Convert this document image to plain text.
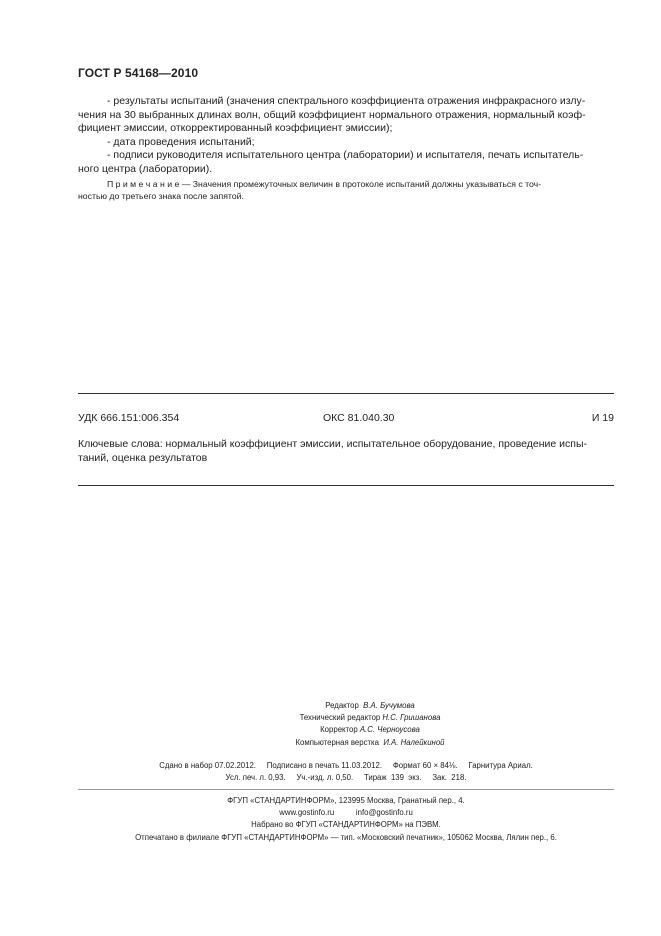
ГОСТ Р 54168—2010

- результаты испытаний (значения спектрального коэффициента отражения инфракрасного излу-

чения на 30 выбранных длинах волн, общий коэффициент нормального отражения, нормальный коэф-

фициент эмиссии, откорректированный коэффициент эмиссии);

- дата проведения испытаний;

- подписи руководителя испытательного центра (лаборатории) и испытателя, печать испытатель-

ного центра (лаборатории).

П р и м е ч а н и е — Значения промежуточных величин в протоколе испытаний должны указываться с точ-

ностью до третьего знака после запятой.

УДК 666.151:006.354	ОКС 81.040.30	И 19

Ключевые слова: нормальный коэффициент эмиссии, испытательное оборудование, проведение испы-

таний, оценка результатов

Редактор В.А. Бучумова
Технический редактор Н.С. Гришанова
Корректор А.С. Черноусова
Компьютерная верстка И.А. Налейкиной
Сдано в набор 07.02.2012.     Подписано в печать 11.03.2012.     Формат 60 × 84⅛.     Гарнитура Ариал.
Усл. печ. л. 0,93.     Уч.-изд. л. 0,50.     Тираж  139  экз.     Зак.  218.
ФГУП «СТАНДАРТИНФОРМ», 123995 Москва, Гранатный пер., 4.
www.gostinfo.ru          info@gostinfo.ru
Набрано во ФГУП «СТАНДАРТИНФОРМ» на ПЭВМ.
Отпечатано в филиале ФГУП «СТАНДАРТИНФОРМ» — тип. «Московский печатник», 105062 Москва, Лялин пер., 6.
